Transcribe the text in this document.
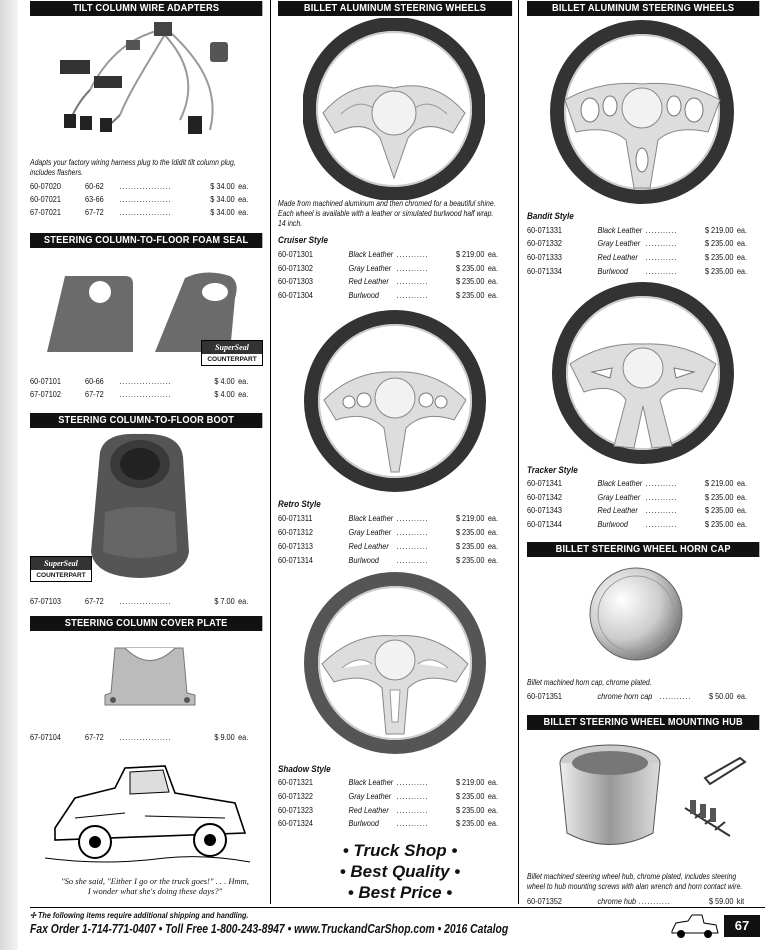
TILT COLUMN WIRE ADAPTERS
Adapts your factory wiring harness plug to the Ididit tilt column plug, includes flashers.
60-07020	60-62 ..................	$ 34.00 ea.
60-07021	63-66 ..................	$ 34.00 ea.
67-07021	67-72 ..................	$ 34.00 ea.
STEERING COLUMN-TO-FLOOR FOAM SEAL
SuperSeal
COUNTERPART
60-07101	60-66 ..................	$ 4.00 ea.
67-07102	67-72 ..................	$ 4.00 ea.
STEERING COLUMN-TO-FLOOR BOOT
SuperSeal
COUNTERPART
67-07103	67-72 ..................	$ 7.00 ea.
STEERING COLUMN COVER PLATE
67-07104	67-72 ..................	$ 9.00 ea.
"So she said, "Either I go or the truck goes!" . . . Hmm,
I wonder what she's doing these days?"
BILLET ALUMINUM STEERING WHEELS
Made from machined aluminum and then chromed for a beautiful shine.
Each wheel is available with a leather or simulated burlwood half wrap.
14 inch.
Cruiser Style
60-071301	Black Leather ...........	$ 219.00 ea.
60-071302	Gray Leather ...........	$ 235.00 ea.
60-071303	Red Leather ...........	$ 235.00 ea.
60-071304	Burlwood ...........	$ 235.00 ea.
Retro Style
60-071311	Black Leather ...........	$ 219.00 ea.
60-071312	Gray Leather ...........	$ 235.00 ea.
60-071313	Red Leather ...........	$ 235.00 ea.
60-071314	Burlwood ...........	$ 235.00 ea.
Shadow Style
60-071321	Black Leather ...........	$ 219.00 ea.
60-071322	Gray Leather ...........	$ 235.00 ea.
60-071323	Red Leather ...........	$ 235.00 ea.
60-071324	Burlwood ...........	$ 235.00 ea.
• Truck Shop •
• Best Quality •
• Best Price •
BILLET ALUMINUM STEERING WHEELS
Bandit Style
60-071331	Black Leather ...........	$ 219.00 ea.
60-071332	Gray Leather ...........	$ 235.00 ea.
60-071333	Red Leather ...........	$ 235.00 ea.
60-071334	Burlwood ...........	$ 235.00 ea.
Tracker Style
60-071341	Black Leather ...........	$ 219.00 ea.
60-071342	Gray Leather ...........	$ 235.00 ea.
60-071343	Red Leather ...........	$ 235.00 ea.
60-071344	Burlwood ...........	$ 235.00 ea.
BILLET STEERING WHEEL HORN CAP
Billet machined horn cap, chrome plated.
60-071351	chrome horn cap ........... $ 50.00 ea.
BILLET STEERING WHEEL MOUNTING HUB ADAPTER
Billet machined steering wheel hub, chrome plated, includes steering
wheel to hub mounting screws with alan wrench and horn contact wire.
60-071352	chrome hub ...........	$ 59.00 kit
✢ The following items require additional shipping and handling.
Fax Order 1-714-771-0407 • Toll Free 1-800-243-8947 • www.TruckandCarShop.com • 2016 Catalog	67
